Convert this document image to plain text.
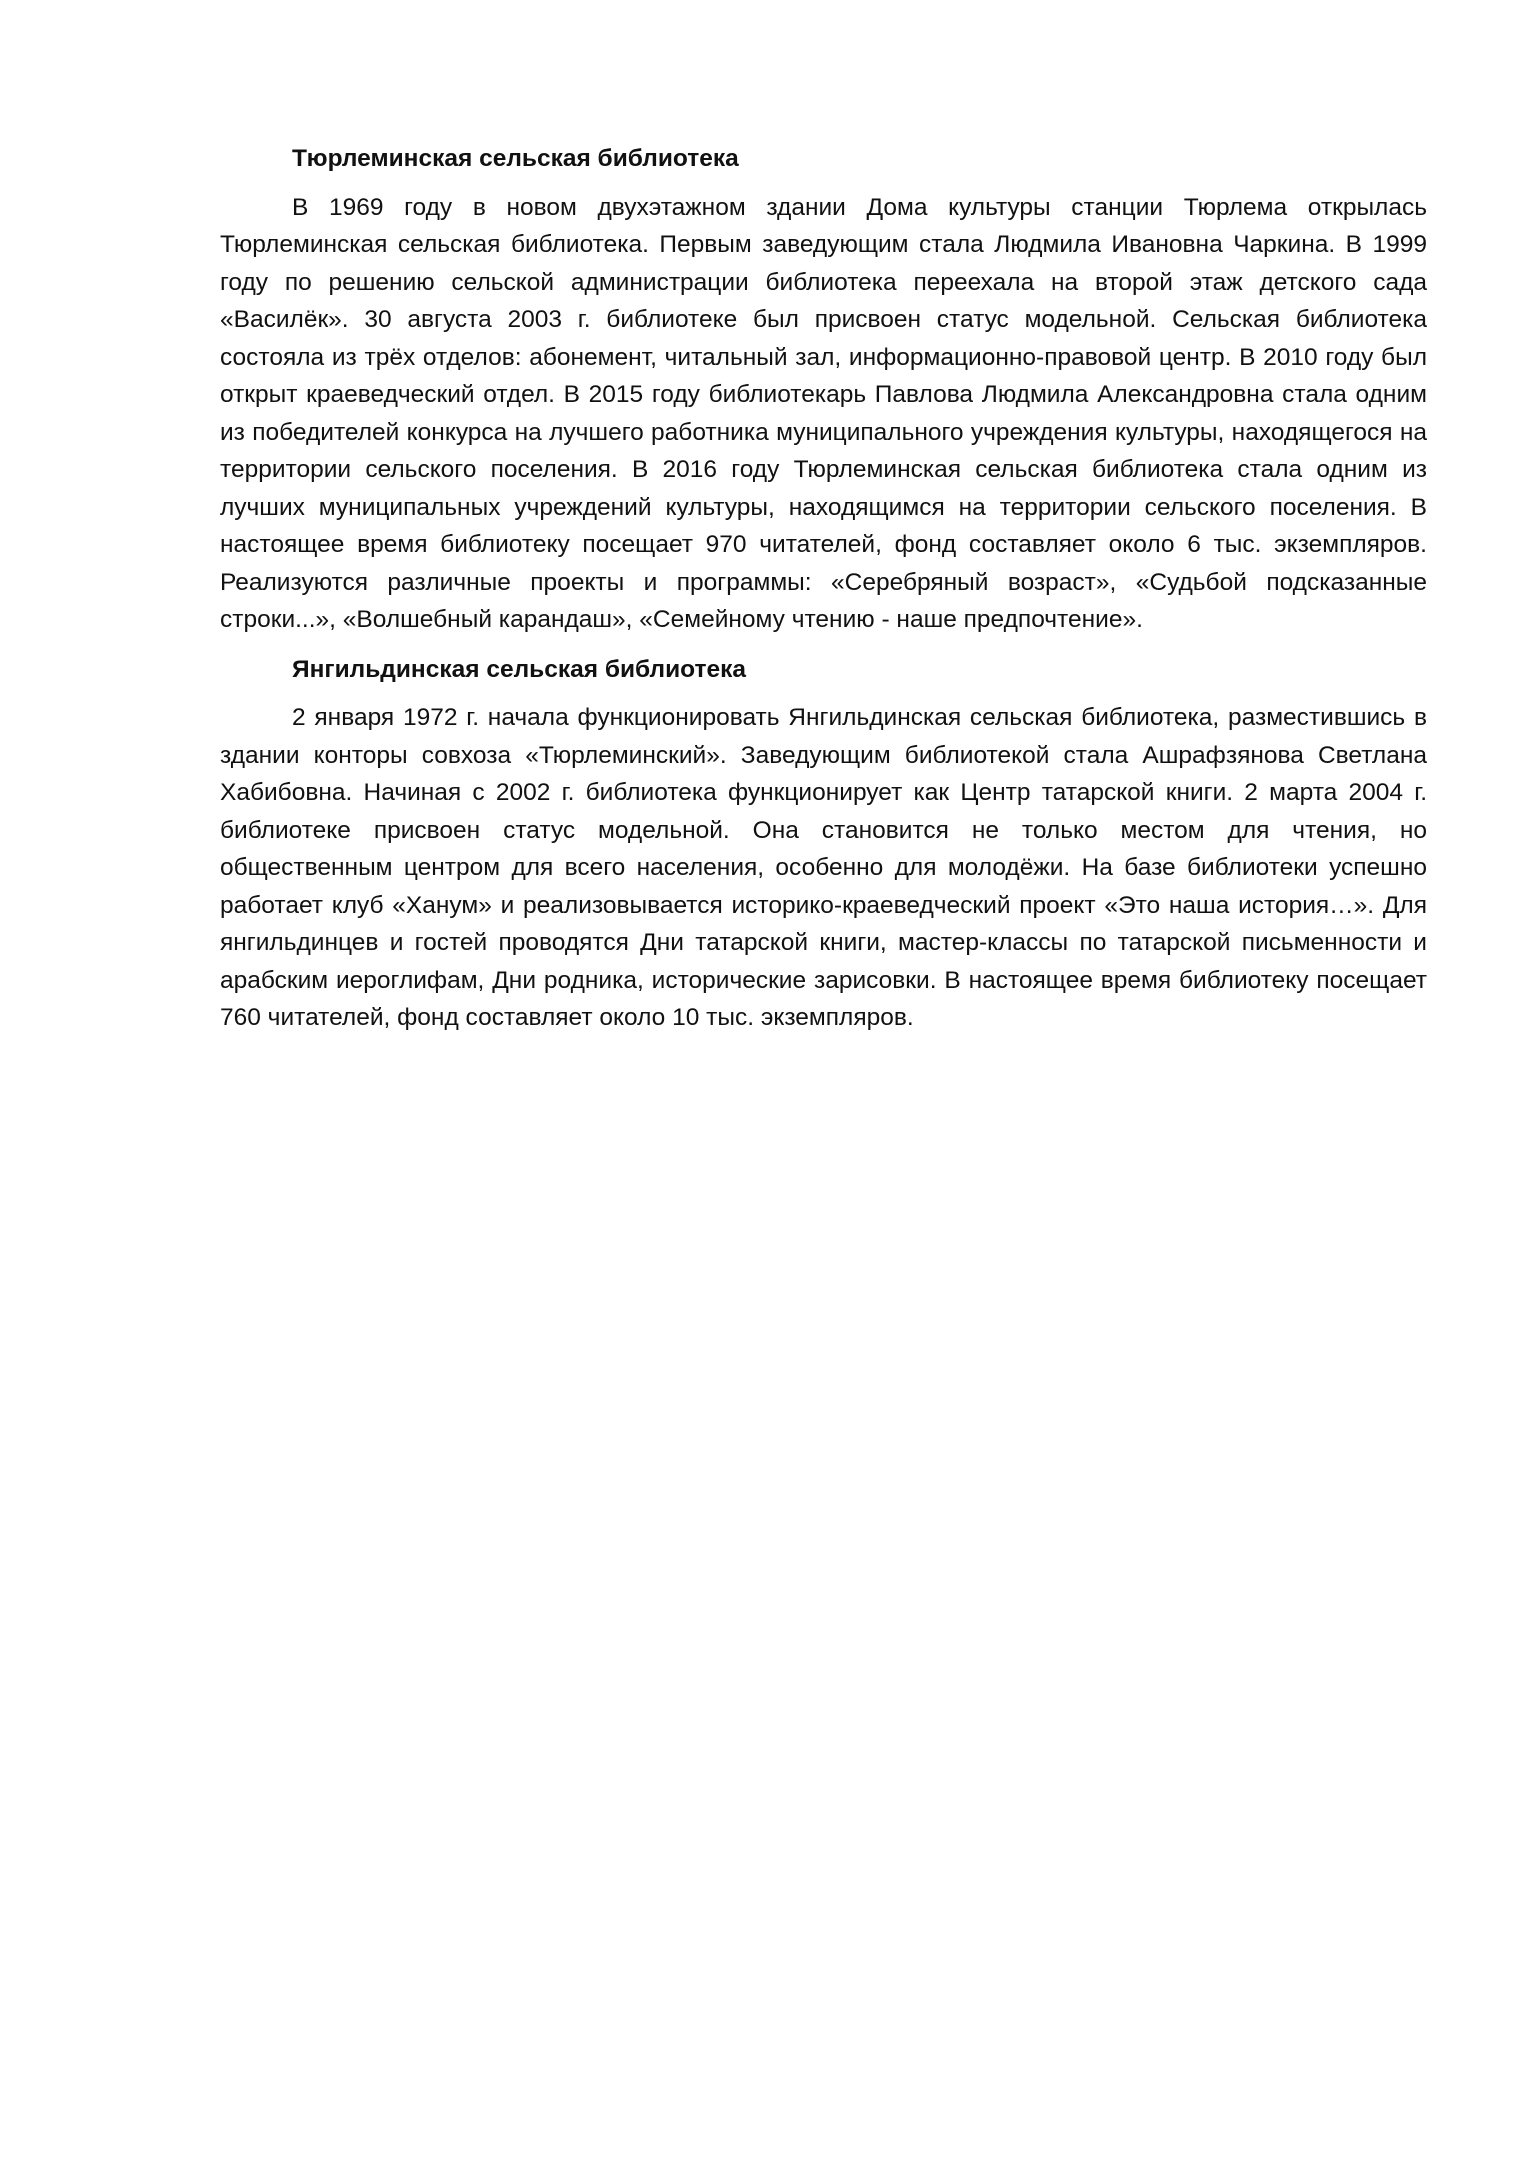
Тюрлеминская сельская библиотека

В 1969 году в новом двухэтажном здании Дома культуры станции Тюрлема открылась Тюрлеминская сельская библиотека. Первым заведующим стала Людмила Ивановна Чаркина. В 1999 году по решению сельской администрации библиотека переехала на второй этаж детского сада «Василёк». 30 августа 2003 г. библиотеке был присвоен статус модельной. Сельская библиотека состояла из трёх отделов: абонемент, читальный зал, информационно-правовой центр. В 2010 году был открыт краеведческий отдел. В 2015 году библиотекарь Павлова Людмила Александровна стала одним из победителей конкурса на лучшего работника муниципального учреждения культуры, находящегося на территории сельского поселения. В 2016 году Тюрлеминская сельская библиотека стала одним из лучших муниципальных учреждений культуры, находящимся на территории сельского поселения. В настоящее время библиотеку посещает 970 читателей, фонд составляет около 6 тыс. экземпляров. Реализуются различные проекты и программы: «Серебряный возраст», «Судьбой подсказанные строки...», «Волшебный карандаш», «Семейному чтению - наше предпочтение».

Янгильдинская сельская библиотека

2 января 1972 г. начала функционировать Янгильдинская сельская библиотека, разместившись в здании конторы совхоза «Тюрлеминский». Заведующим библиотекой стала Ашрафзянова Светлана Хабибовна. Начиная с 2002 г. библиотека функционирует как Центр татарской книги. 2 марта 2004 г. библиотеке присвоен статус модельной. Она становится не только местом для чтения, но общественным центром для всего населения, особенно для молодёжи. На базе библиотеки успешно работает клуб «Ханум» и реализовывается историко-краеведческий проект «Это наша история…». Для янгильдинцев и гостей проводятся Дни татарской книги, мастер-классы по татарской письменности и арабским иероглифам, Дни родника, исторические зарисовки. В настоящее время библиотеку посещает 760 читателей, фонд составляет около 10 тыс. экземпляров.
